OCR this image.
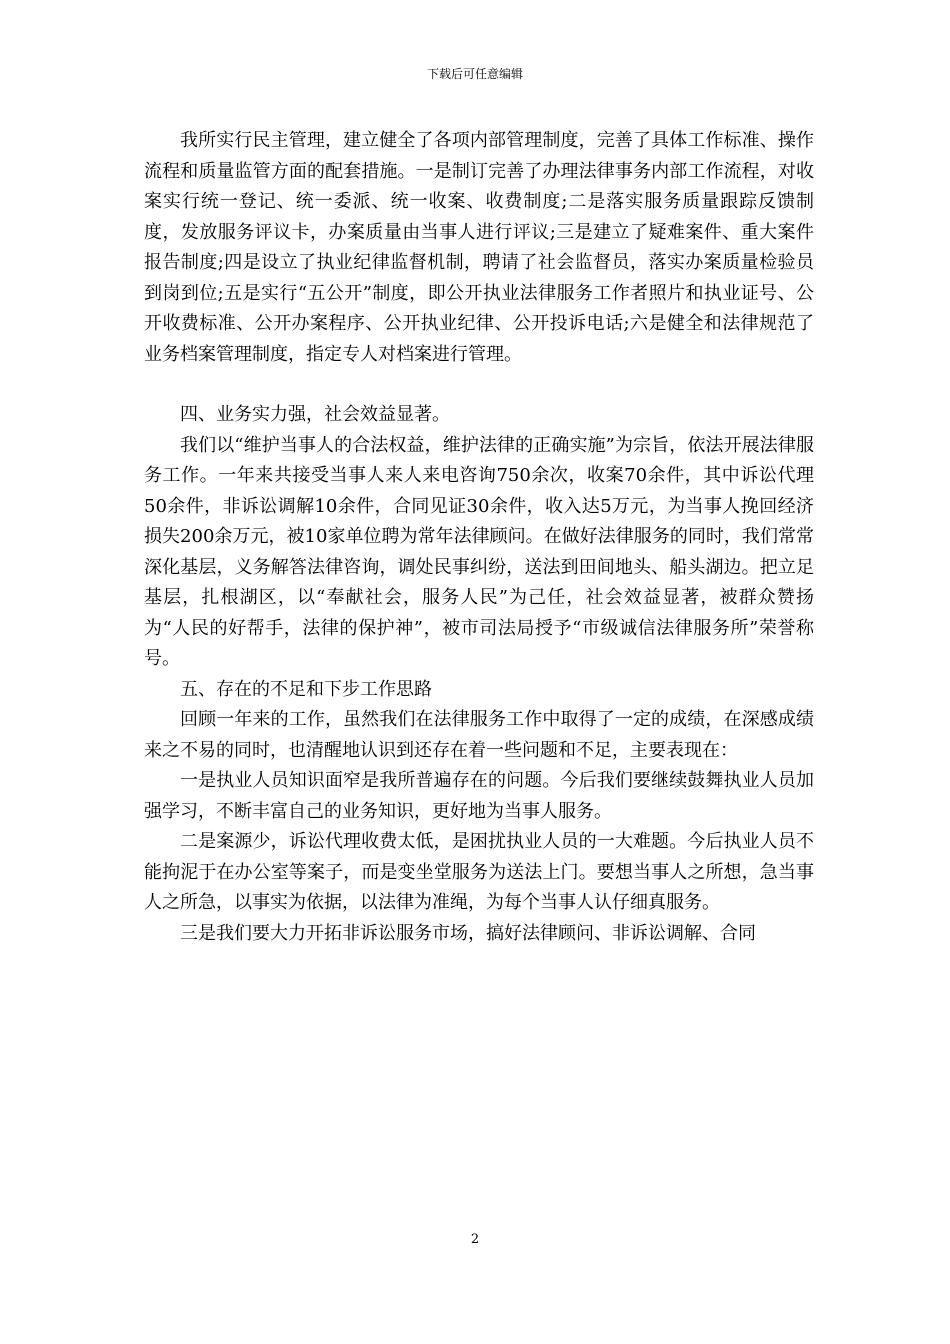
下载后可任意编辑

我所实行民主管理，建立健全了各项内部管理制度，完善了具体工作标准、操作流程和质量监管方面的配套措施。一是制订完善了办理法律事务内部工作流程，对收案实行统一登记、统一委派、统一收案、收费制度;二是落实服务质量跟踪反馈制度，发放服务评议卡，办案质量由当事人进行评议;三是建立了疑难案件、重大案件报告制度;四是设立了执业纪律监督机制，聘请了社会监督员，落实办案质量检验员到岗到位;五是实行“五公开”制度，即公开执业法律服务工作者照片和执业证号、公开收费标准、公开办案程序、公开执业纪律、公开投诉电话;六是健全和法律规范了业务档案管理制度，指定专人对档案进行管理。

四、业务实力强，社会效益显著。

我们以“维护当事人的合法权益，维护法律的正确实施”为宗旨，依法开展法律服务工作。一年来共接受当事人来人来电咨询750余次，收案70余件，其中诉讼代理50余件，非诉讼调解10余件，合同见证30余件，收入达5万元，为当事人挽回经济损失200余万元，被10家单位聘为常年法律顾问。在做好法律服务的同时，我们常常深化基层，义务解答法律咨询，调处民事纠纷，送法到田间地头、船头湖边。把立足基层，扎根湖区，以“奉献社会，服务人民”为己任，社会效益显著，被群众赞扬为“人民的好帮手，法律的保护神”，被市司法局授予“市级诚信法律服务所”荣誉称号。

五、存在的不足和下步工作思路

回顾一年来的工作，虽然我们在法律服务工作中取得了一定的成绩，在深感成绩来之不易的同时，也清醒地认识到还存在着一些问题和不足，主要表现在：

一是执业人员知识面窄是我所普遍存在的问题。今后我们要继续鼓舞执业人员加强学习，不断丰富自己的业务知识，更好地为当事人服务。

二是案源少，诉讼代理收费太低，是困扰执业人员的一大难题。今后执业人员不能拘泥于在办公室等案子，而是变坐堂服务为送法上门。要想当事人之所想，急当事人之所急，以事实为依据，以法律为准绳，为每个当事人认仔细真服务。

三是我们要大力开拓非诉讼服务市场，搞好法律顾问、非诉讼调解、合同

2
